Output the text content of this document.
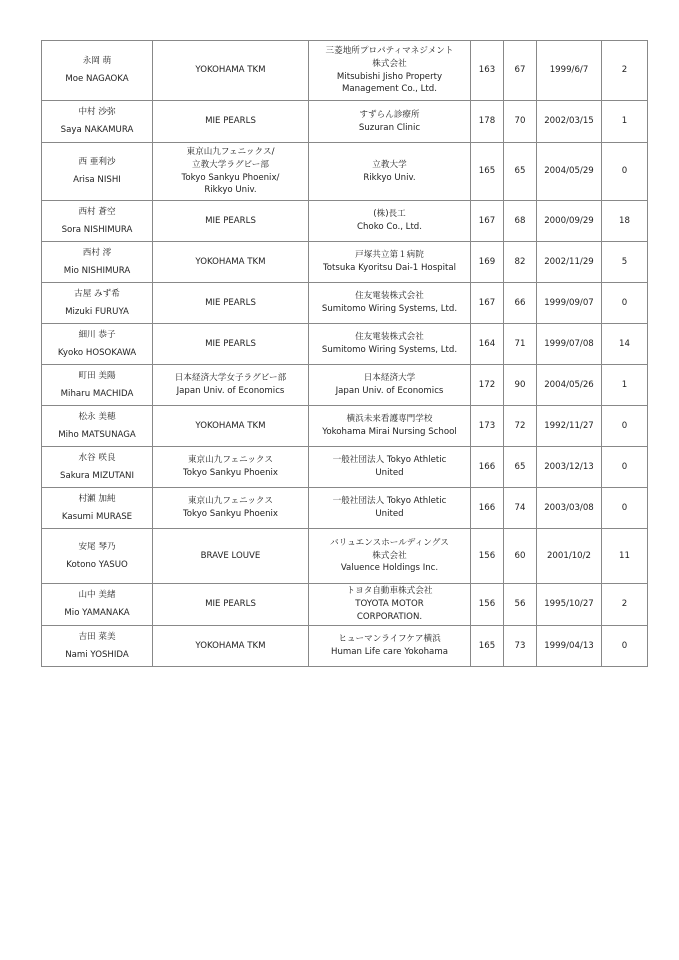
永岡 萌
Moe NAGAOKA	YOKOHAMA TKM	三菱地所プロパティマネジメント
株式会社
Mitsubishi Jisho Property
Management Co., Ltd.	163	67	1999/6/7	2

中村 沙弥
Saya NAKAMURA	MIE PEARLS	すずらん診療所
Suzuran Clinic	178	70	2002/03/15	1

西 亜利沙
Arisa NISHI	東京山九フェニックス/
立教大学ラグビー部
Tokyo Sankyu Phoenix/
Rikkyo Univ.	立教大学
Rikkyo Univ.	165	65	2004/05/29	0

西村 蒼空
Sora NISHIMURA	MIE PEARLS	(株)長工
Choko Co., Ltd.	167	68	2000/09/29	18

西村 澪
Mio NISHIMURA	YOKOHAMA TKM	戸塚共立第１病院
Totsuka Kyoritsu Dai-1 Hospital	169	82	2002/11/29	5

古屋 みず希
Mizuki FURUYA	MIE PEARLS	住友電装株式会社
Sumitomo Wiring Systems, Ltd.	167	66	1999/09/07	0

細川 恭子
Kyoko HOSOKAWA	MIE PEARLS	住友電装株式会社
Sumitomo Wiring Systems, Ltd.	164	71	1999/07/08	14

町田 美陽
Miharu MACHIDA	日本経済大学女子ラグビー部
Japan Univ. of Economics	日本経済大学
Japan Univ. of Economics	172	90	2004/05/26	1

松永 美穂
Miho MATSUNAGA	YOKOHAMA TKM	横浜未来看護専門学校
Yokohama Mirai Nursing School	173	72	1992/11/27	0

水谷 咲良
Sakura MIZUTANI	東京山九フェニックス
Tokyo Sankyu Phoenix	一般社団法人 Tokyo Athletic
United	166	65	2003/12/13	0

村瀬 加純
Kasumi MURASE	東京山九フェニックス
Tokyo Sankyu Phoenix	一般社団法人 Tokyo Athletic
United	166	74	2003/03/08	0

安尾 琴乃
Kotono YASUO	BRAVE LOUVE	バリュエンスホールディングス
株式会社
Valuence Holdings Inc.	156	60	2001/10/2	11

山中 美緒
Mio YAMANAKA	MIE PEARLS	トヨタ自動車株式会社
TOYOTA MOTOR
CORPORATION.	156	56	1995/10/27	2

吉田 菜美
Nami YOSHIDA	YOKOHAMA TKM	ヒューマンライフケア横浜
Human Life care Yokohama	165	73	1999/04/13	0
